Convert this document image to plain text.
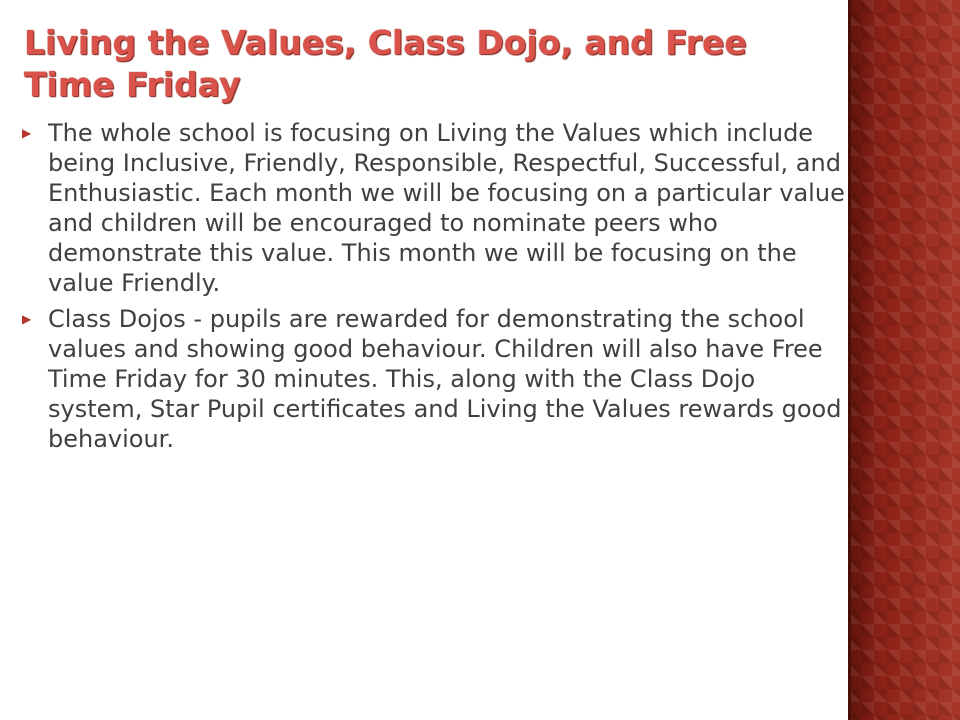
Living the Values, Class Dojo, and Free Time Friday
▶ The whole school is focusing on Living the Values which include being Inclusive, Friendly, Responsible, Respectful, Successful, and Enthusiastic. Each month we will be focusing on a particular value and children will be encouraged to nominate peers who demonstrate this value. This month we will be focusing on the value Friendly.
▶ Class Dojos - pupils are rewarded for demonstrating the school values and showing good behaviour. Children will also have Free Time Friday for 30 minutes. This, along with the Class Dojo system, Star Pupil certificates and Living the Values rewards good behaviour.
